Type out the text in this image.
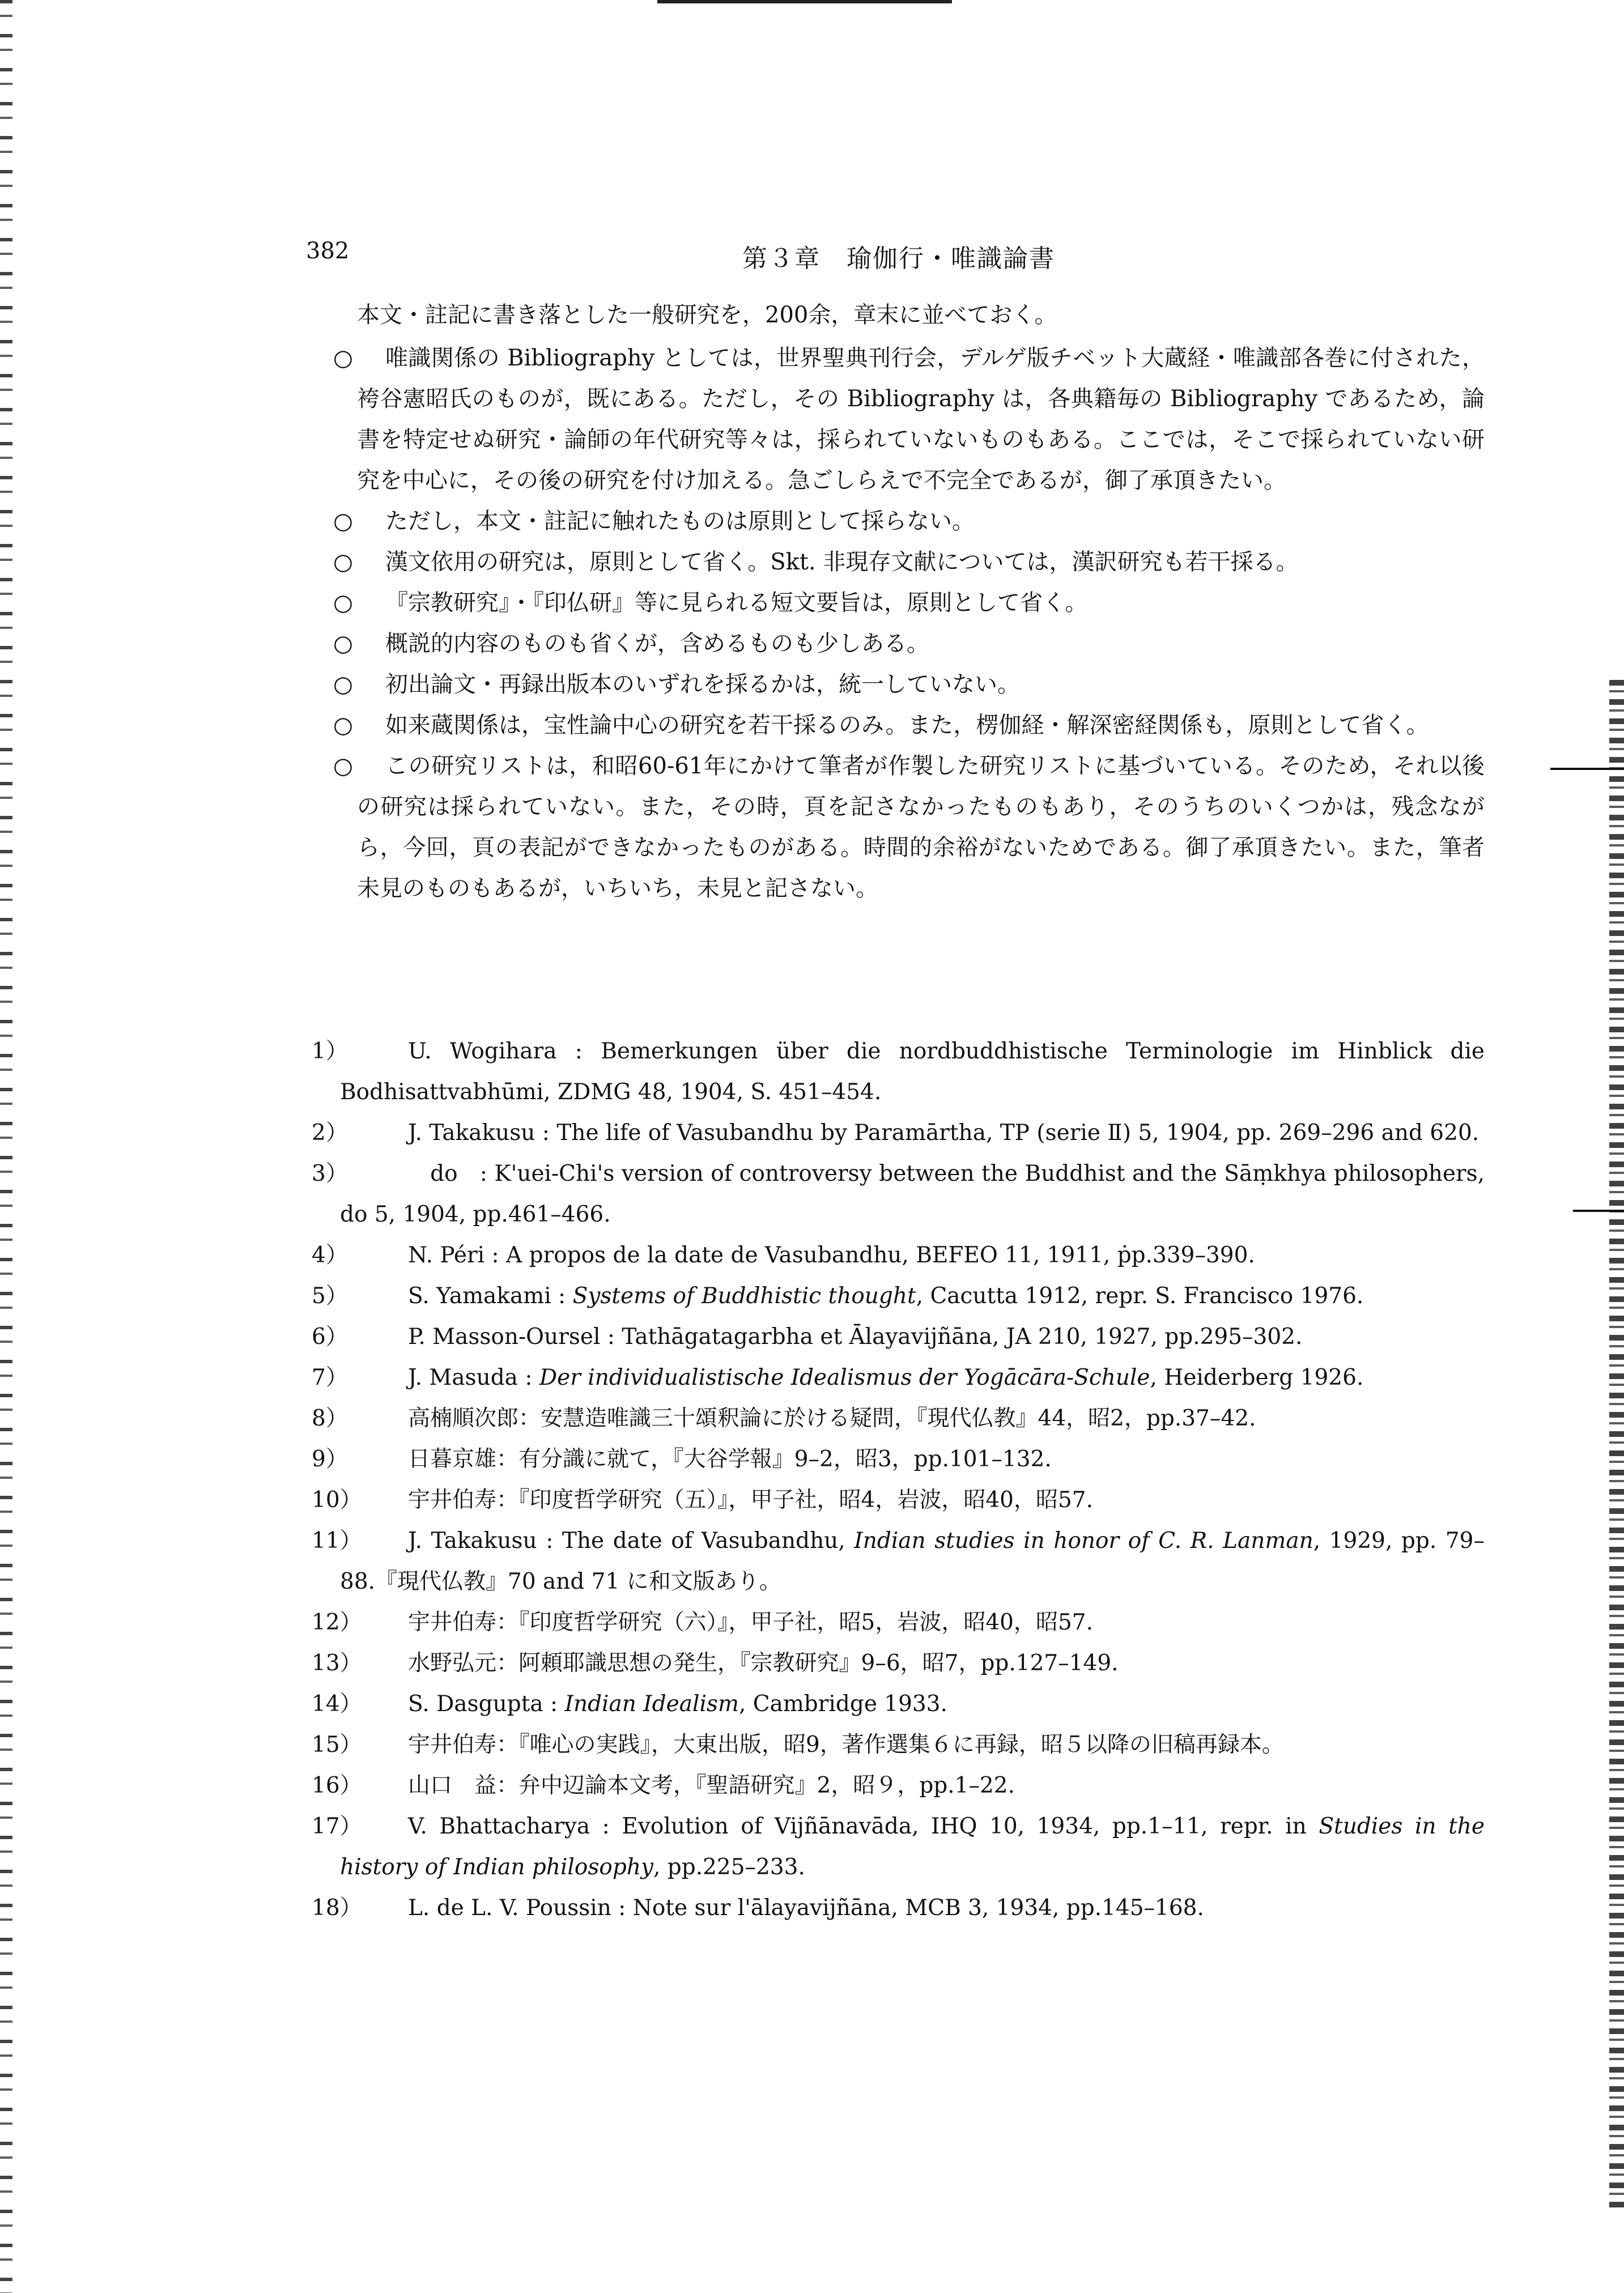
382	第３章　瑜伽行・唯識論書

本文・註記に書き落とした一般研究を，200余，章末に並べておく。

○	唯識関係の Bibliography としては，世界聖典刊行会，デルゲ版チベット大蔵経・唯識部各巻に付された，袴谷憲昭氏のものが，既にある。ただし，その Bibliography は，各典籍毎の Bibliography であるため，論書を特定せぬ研究・論師の年代研究等々は，採られていないものもある。ここでは，そこで採られていない研究を中心に，その後の研究を付け加える。急ごしらえで不完全であるが，御了承頂きたい。
○	ただし，本文・註記に触れたものは原則として採らない。
○	漢文依用の研究は，原則として省く。Skt. 非現存文献については，漢訳研究も若干採る。
○	『宗教研究』・『印仏研』等に見られる短文要旨は，原則として省く。
○	概説的内容のものも省くが，含めるものも少しある。
○	初出論文・再録出版本のいずれを採るかは，統一していない。
○	如来蔵関係は，宝性論中心の研究を若干採るのみ。また，楞伽経・解深密経関係も，原則として省く。
○	この研究リストは，和昭60-61年にかけて筆者が作製した研究リストに基づいている。そのため，それ以後の研究は採られていない。また，その時，頁を記さなかったものもあり，そのうちのいくつかは，残念ながら，今回，頁の表記ができなかったものがある。時間的余裕がないためである。御了承頂きたい。また，筆者未見のものもあるが，いちいち，未見と記さない。
1）	U. Wogihara : Bemerkungen über die nordbuddhistische Terminologie im Hinblick die Bodhisattvabhūmi, ZDMG 48, 1904, S. 451–454.
2）	J. Takakusu : The life of Vasubandhu by Paramārtha, TP (serie Ⅱ) 5, 1904, pp. 269–296 and 620.
3）	　do　: K'uei-Chi's version of controversy between the Buddhist and the Sāṃkhya philosophers, do 5, 1904, pp.461–466.
4）	N. Péri : A propos de la date de Vasubandhu, BEFEO 11, 1911, ṗp.339–390.
5）	S. Yamakami : Systems of Buddhistic thought, Cacutta 1912, repr. S. Francisco 1976.
6）	P. Masson-Oursel : Tathāgatagarbha et Ālayavijñāna, JA 210, 1927, pp.295–302.
7）	J. Masuda : Der individualistische Idealismus der Yogācāra-Schule, Heiderberg 1926.
8）	高楠順次郎：安慧造唯識三十頌釈論に於ける疑問，『現代仏教』44，昭2，pp.37–42.
9）	日暮京雄：有分識に就て，『大谷学報』9–2，昭3，pp.101–132.
10）	宇井伯寿：『印度哲学研究（五）』，甲子社，昭4，岩波，昭40，昭57.
11）	J. Takakusu : The date of Vasubandhu, Indian studies in honor of C. R. Lanman, 1929, pp. 79–88.『現代仏教』70 and 71 に和文版あり。
12）	宇井伯寿：『印度哲学研究（六）』，甲子社，昭5，岩波，昭40，昭57.
13）	水野弘元：阿頼耶識思想の発生，『宗教研究』9–6，昭7，pp.127–149.
14）	S. Dasgupta : Indian Idealism, Cambridge 1933.
15）	宇井伯寿：『唯心の実践』，大東出版，昭9，著作選集６に再録，昭５以降の旧稿再録本。
16）	山口　益：弁中辺論本文考，『聖語研究』2，昭９，pp.1–22.
17）	V. Bhattacharya : Evolution of Vijñānavāda, IHQ 10, 1934, pp.1–11, repr. in Studies in the history of Indian philosophy, pp.225–233.
18）	L. de L. V. Poussin : Note sur l'ālayavijñāna, MCB 3, 1934, pp.145–168.
